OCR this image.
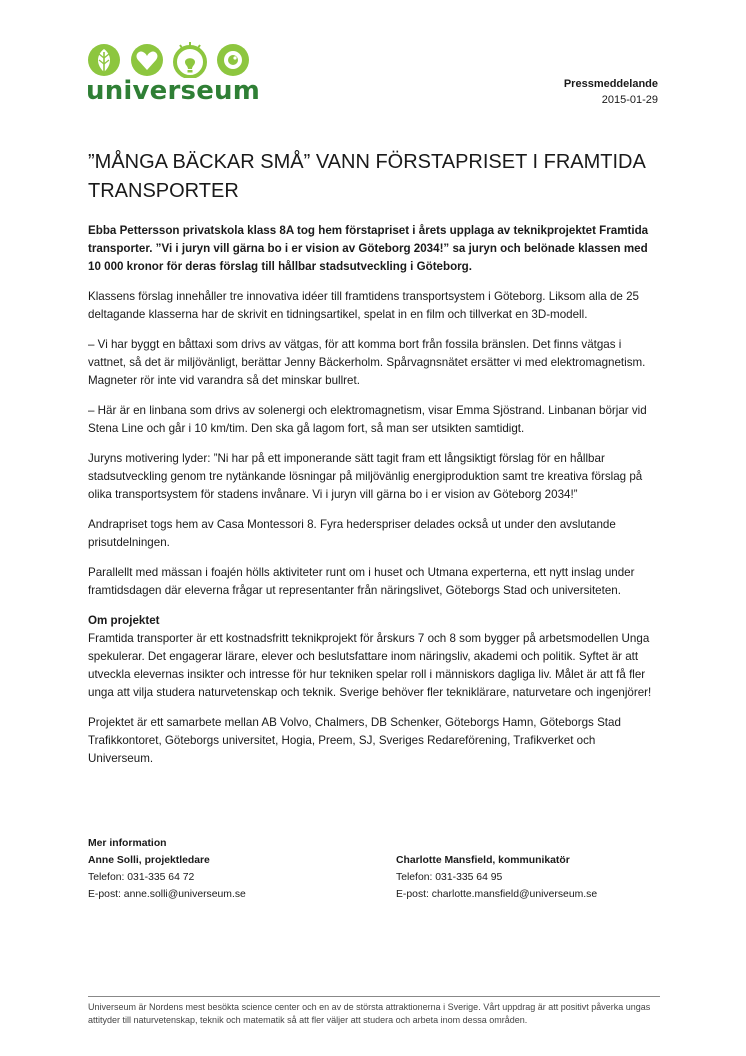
universeum	Pressmeddelande
2015-01-29
”MÅNGA BÄCKAR SMÅ” VANN FÖRSTAPRISET I FRAMTIDA TRANSPORTER

Ebba Pettersson privatskola klass 8A tog hem förstapriset i årets upplaga av teknikprojektet Framtida transporter. ”Vi i juryn vill gärna bo i er vision av Göteborg 2034!” sa juryn och belönade klassen med 10 000 kronor för deras förslag till hållbar stadsutveckling i Göteborg.

Klassens förslag innehåller tre innovativa idéer till framtidens transportsystem i Göteborg. Liksom alla de 25 deltagande klasserna har de skrivit en tidningsartikel, spelat in en film och tillverkat en 3D-modell.

– Vi har byggt en båttaxi som drivs av vätgas, för att komma bort från fossila bränslen. Det finns vätgas i vattnet, så det är miljövänligt, berättar Jenny Bäckerholm. Spårvagnsnätet ersätter vi med elektromagnetism. Magneter rör inte vid varandra så det minskar bullret.

– Här är en linbana som drivs av solenergi och elektromagnetism, visar Emma Sjöstrand. Linbanan börjar vid Stena Line och går i 10 km/tim. Den ska gå lagom fort, så man ser utsikten samtidigt.

Juryns motivering lyder: ”Ni har på ett imponerande sätt tagit fram ett långsiktigt förslag för en hållbar stadsutveckling genom tre nytänkande lösningar på miljövänlig energiproduktion samt tre kreativa förslag på olika transportsystem för stadens invånare. Vi i juryn vill gärna bo i er vision av Göteborg 2034!”

Andrapriset togs hem av Casa Montessori 8. Fyra hederspriser delades också ut under den avslutande prisutdelningen.

Parallellt med mässan i foajén hölls aktiviteter runt om i huset och Utmana experterna, ett nytt inslag under framtidsdagen där eleverna frågar ut representanter från näringslivet, Göteborgs Stad och universiteten.

Om projektet

Framtida transporter är ett kostnadsfritt teknikprojekt för årskurs 7 och 8 som bygger på arbetsmodellen Unga spekulerar. Det engagerar lärare, elever och beslutsfattare inom näringsliv, akademi och politik. Syftet är att utveckla elevernas insikter och intresse för hur tekniken spelar roll i människors dagliga liv. Målet är att få fler unga att vilja studera naturvetenskap och teknik. Sverige behöver fler tekniklärare, naturvetare och ingenjörer!

Projektet är ett samarbete mellan AB Volvo, Chalmers, DB Schenker, Göteborgs Hamn, Göteborgs Stad Trafikkontoret, Göteborgs universitet, Hogia, Preem, SJ, Sveriges Redareförening, Trafikverket och Universeum.

Mer information
Anne Solli, projektledare
Telefon: 031-335 64 72
E-post: anne.solli@universeum.se
Charlotte Mansfield, kommunikatör
Telefon: 031-335 64 95
E-post: charlotte.mansfield@universeum.se
Universeum är Nordens mest besökta science center och en av de största attraktionerna i Sverige. Vårt uppdrag är att positivt påverka ungas attityder till naturvetenskap, teknik och matematik så att fler väljer att studera och arbeta inom dessa områden.
